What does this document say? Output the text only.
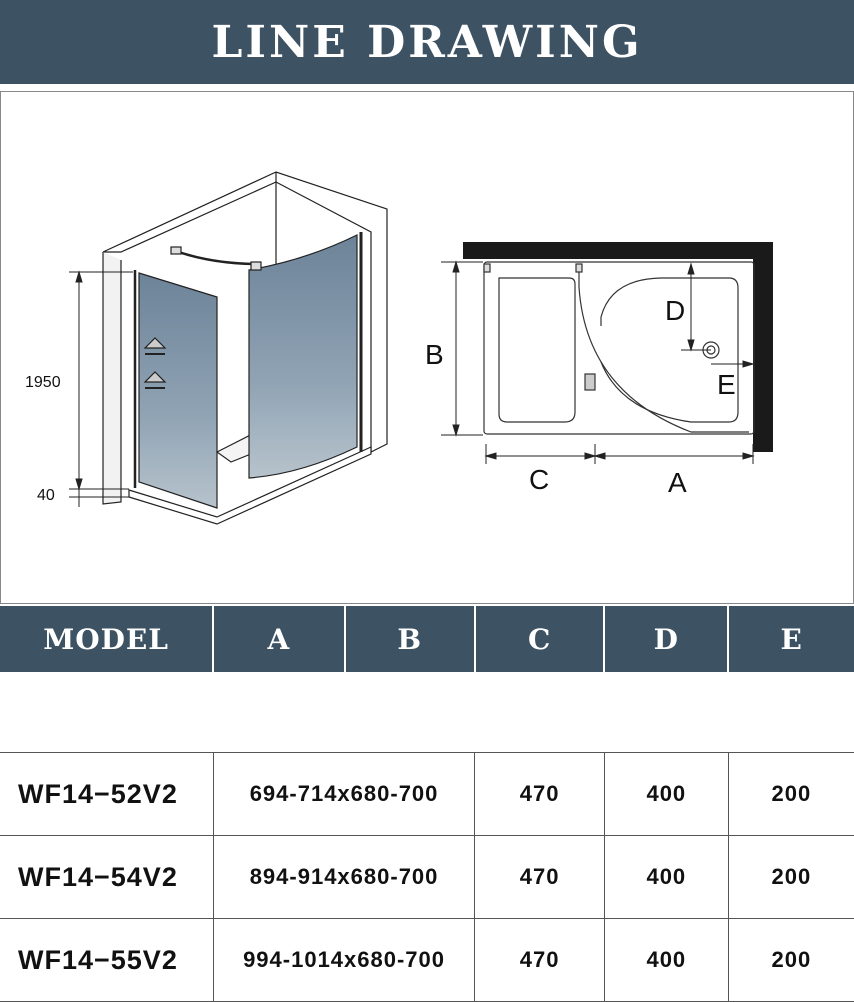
LINE DRAWING
1950
40
B
C	A
D
E
MODEL	A	B	C	D	E

WF14−52V2	694-714x680-700		470	400	200
WF14−54V2	894-914x680-700		470	400	200
WF14−55V2	994-1014x680-700		470	400	200
